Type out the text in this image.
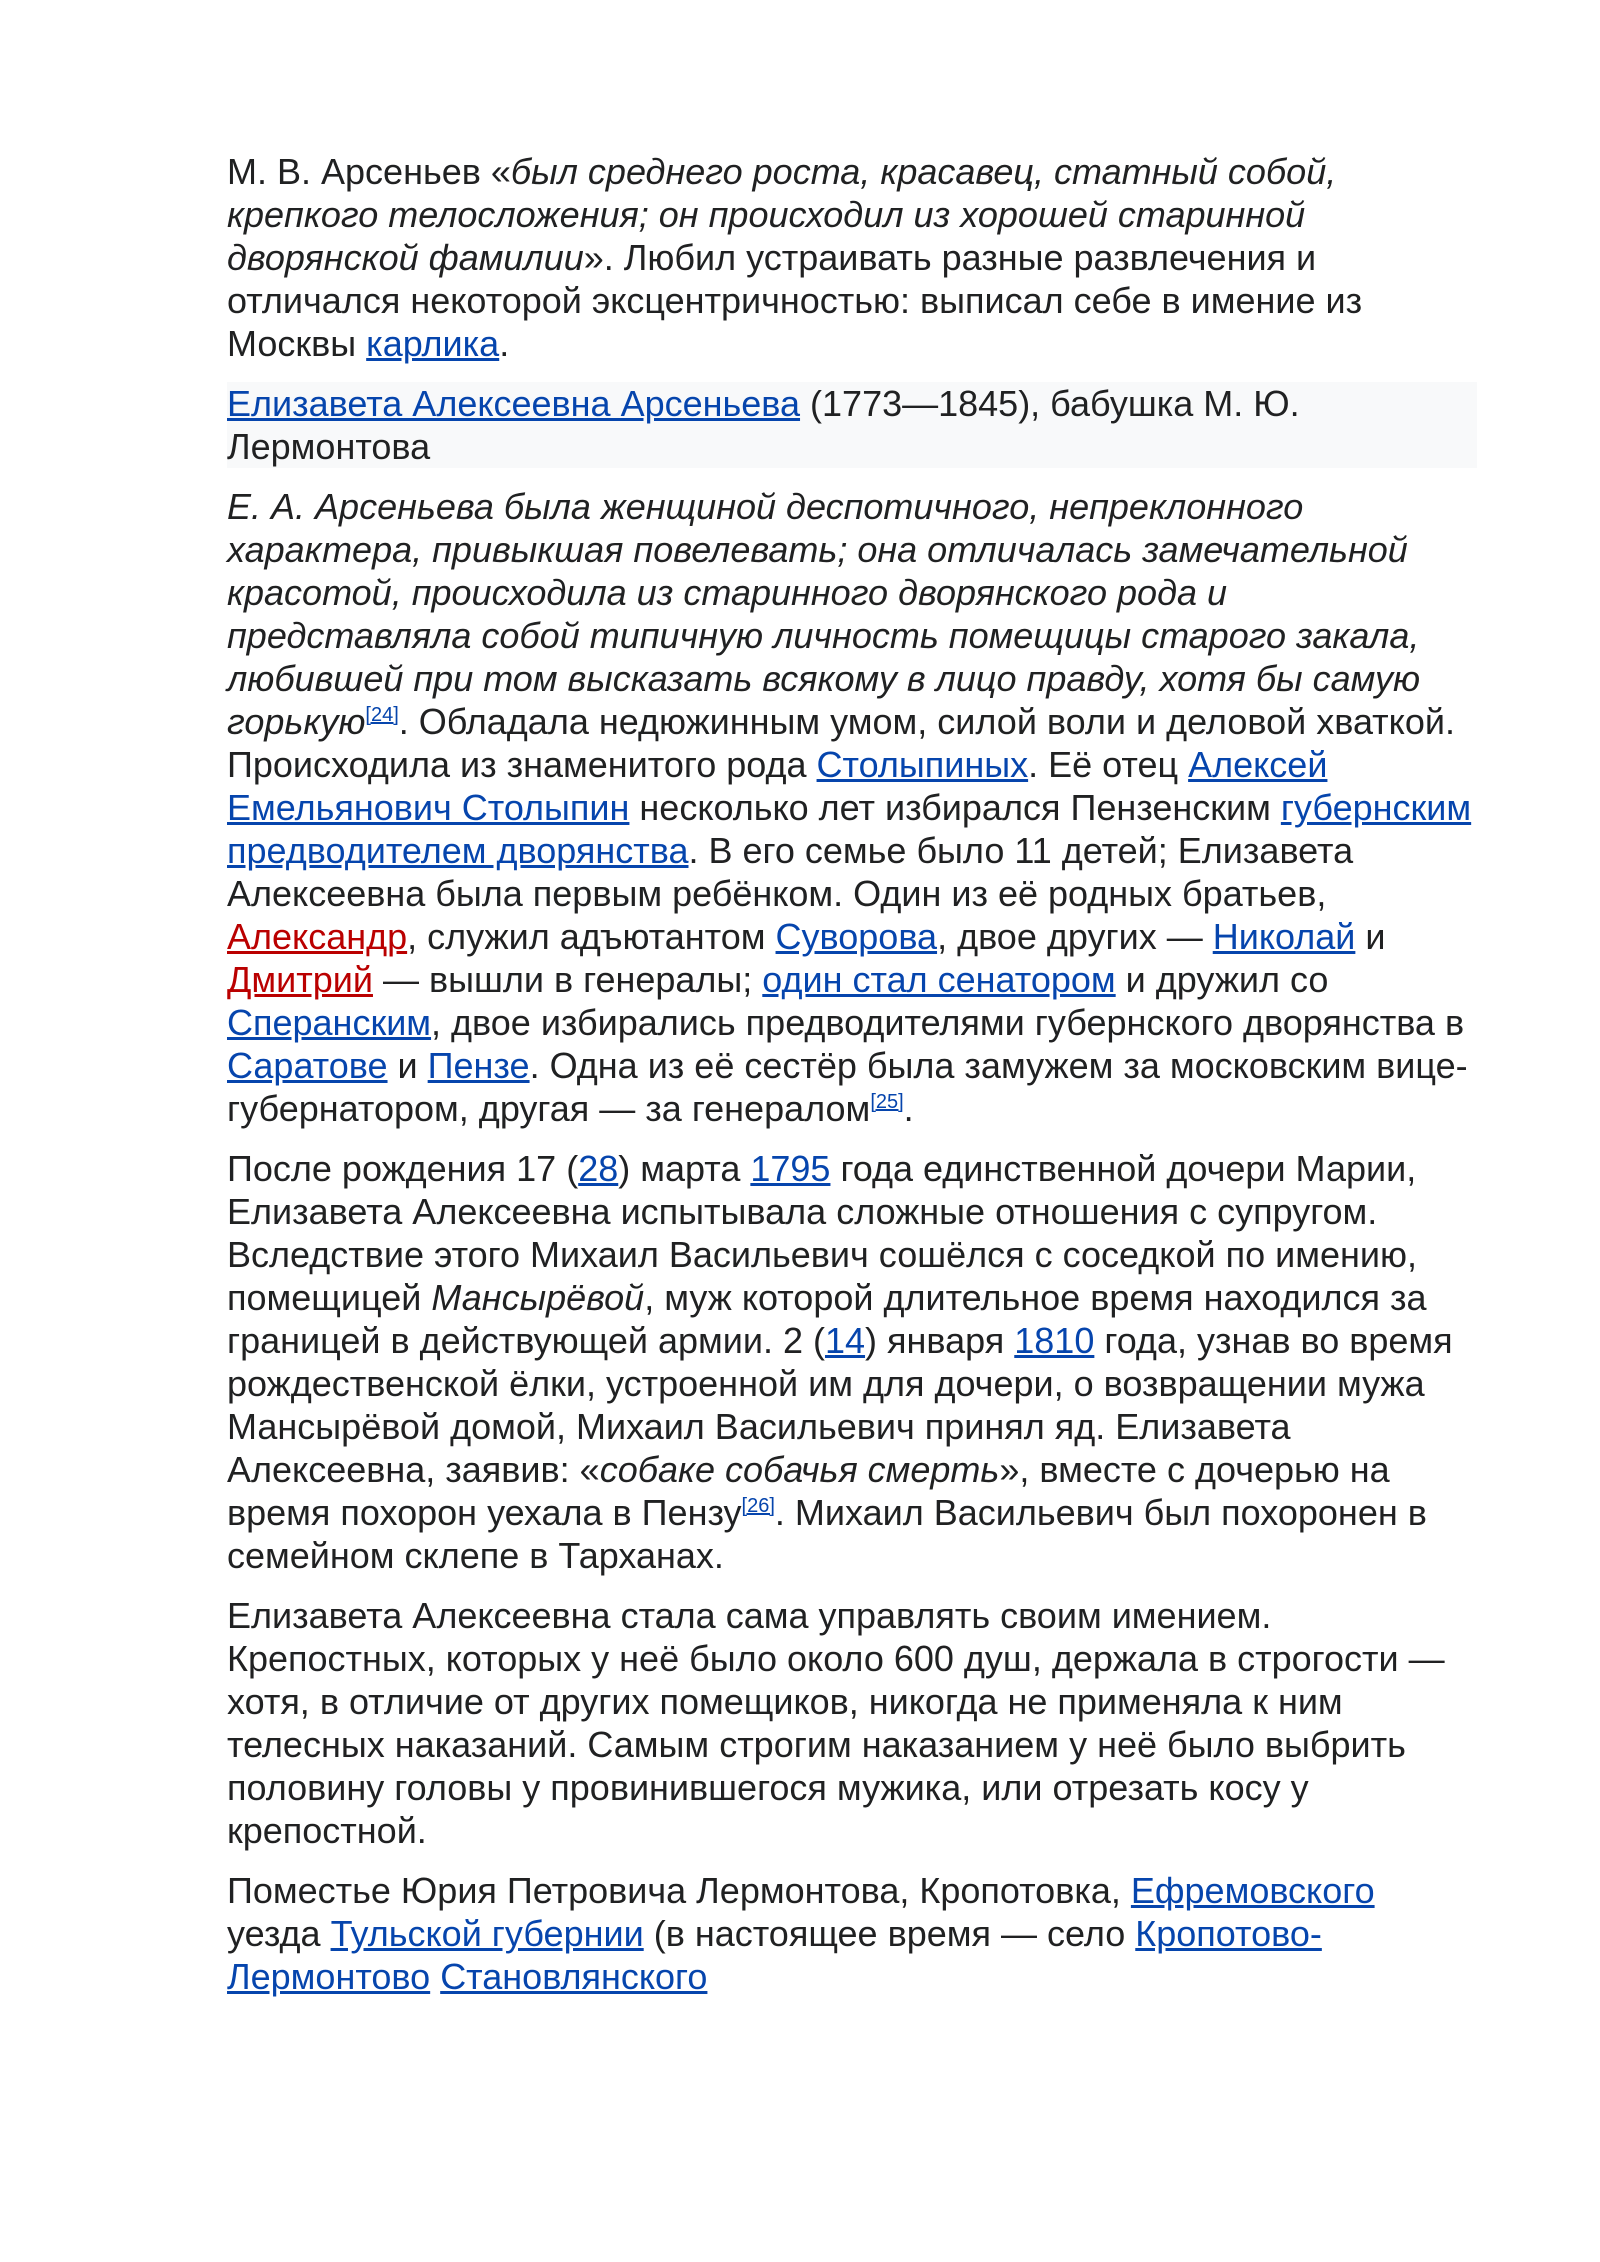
М. В. Арсеньев «был среднего роста, красавец, статный собой, крепкого телосложения; он происходил из хорошей старинной дворянской фамилии». Любил устраивать разные развлечения и отличался некоторой эксцентричностью: выписал себе в имение из Москвы карлика.

Елизавета Алексеевна Арсеньева (1773—1845), бабушка М. Ю. Лермонтова

Е. А. Арсеньева была женщиной деспотичного, непреклонного характера, привыкшая повелевать; она отличалась замечательной красотой, происходила из старинного дворянского рода и представляла собой типичную личность помещицы старого закала, любившей при том высказать всякому в лицо правду, хотя бы самую горькую[24]. Обладала недюжинным умом, силой воли и деловой хваткой. Происходила из знаменитого рода Столыпиных. Её отец Алексей Емельянович Столыпин несколько лет избирался Пензенским губернским предводителем дворянства. В его семье было 11 детей; Елизавета Алексеевна была первым ребёнком. Один из её родных братьев, Александр, служил адъютантом Суворова, двое других — Николай и Дмитрий — вышли в генералы; один стал сенатором и дружил со Сперанским, двое избирались предводителями губернского дворянства в Саратове и Пензе. Одна из её сестёр была замужем за московским вице-губернатором, другая — за генералом[25].

После рождения 17 (28) марта 1795 года единственной дочери Марии, Елизавета Алексеевна испытывала сложные отношения с супругом. Вследствие этого Михаил Васильевич сошёлся с соседкой по имению, помещицей Мансырёвой, муж которой длительное время находился за границей в действующей армии. 2 (14) января 1810 года, узнав во время рождественской ёлки, устроенной им для дочери, о возвращении мужа Мансырёвой домой, Михаил Васильевич принял яд. Елизавета Алексеевна, заявив: «собаке собачья смерть», вместе с дочерью на время похорон уехала в Пензу[26]. Михаил Васильевич был похоронен в семейном склепе в Тарханах.

Елизавета Алексеевна стала сама управлять своим имением. Крепостных, которых у неё было около 600 душ, держала в строгости — хотя, в отличие от других помещиков, никогда не применяла к ним телесных наказаний. Самым строгим наказанием у неё было выбрить половину головы у провинившегося мужика, или отрезать косу у крепостной.

Поместье Юрия Петровича Лермонтова, Кропотовка, Ефремовского уезда Тульской губернии (в настоящее время — село Кропотово-Лермонтово Становлянского
